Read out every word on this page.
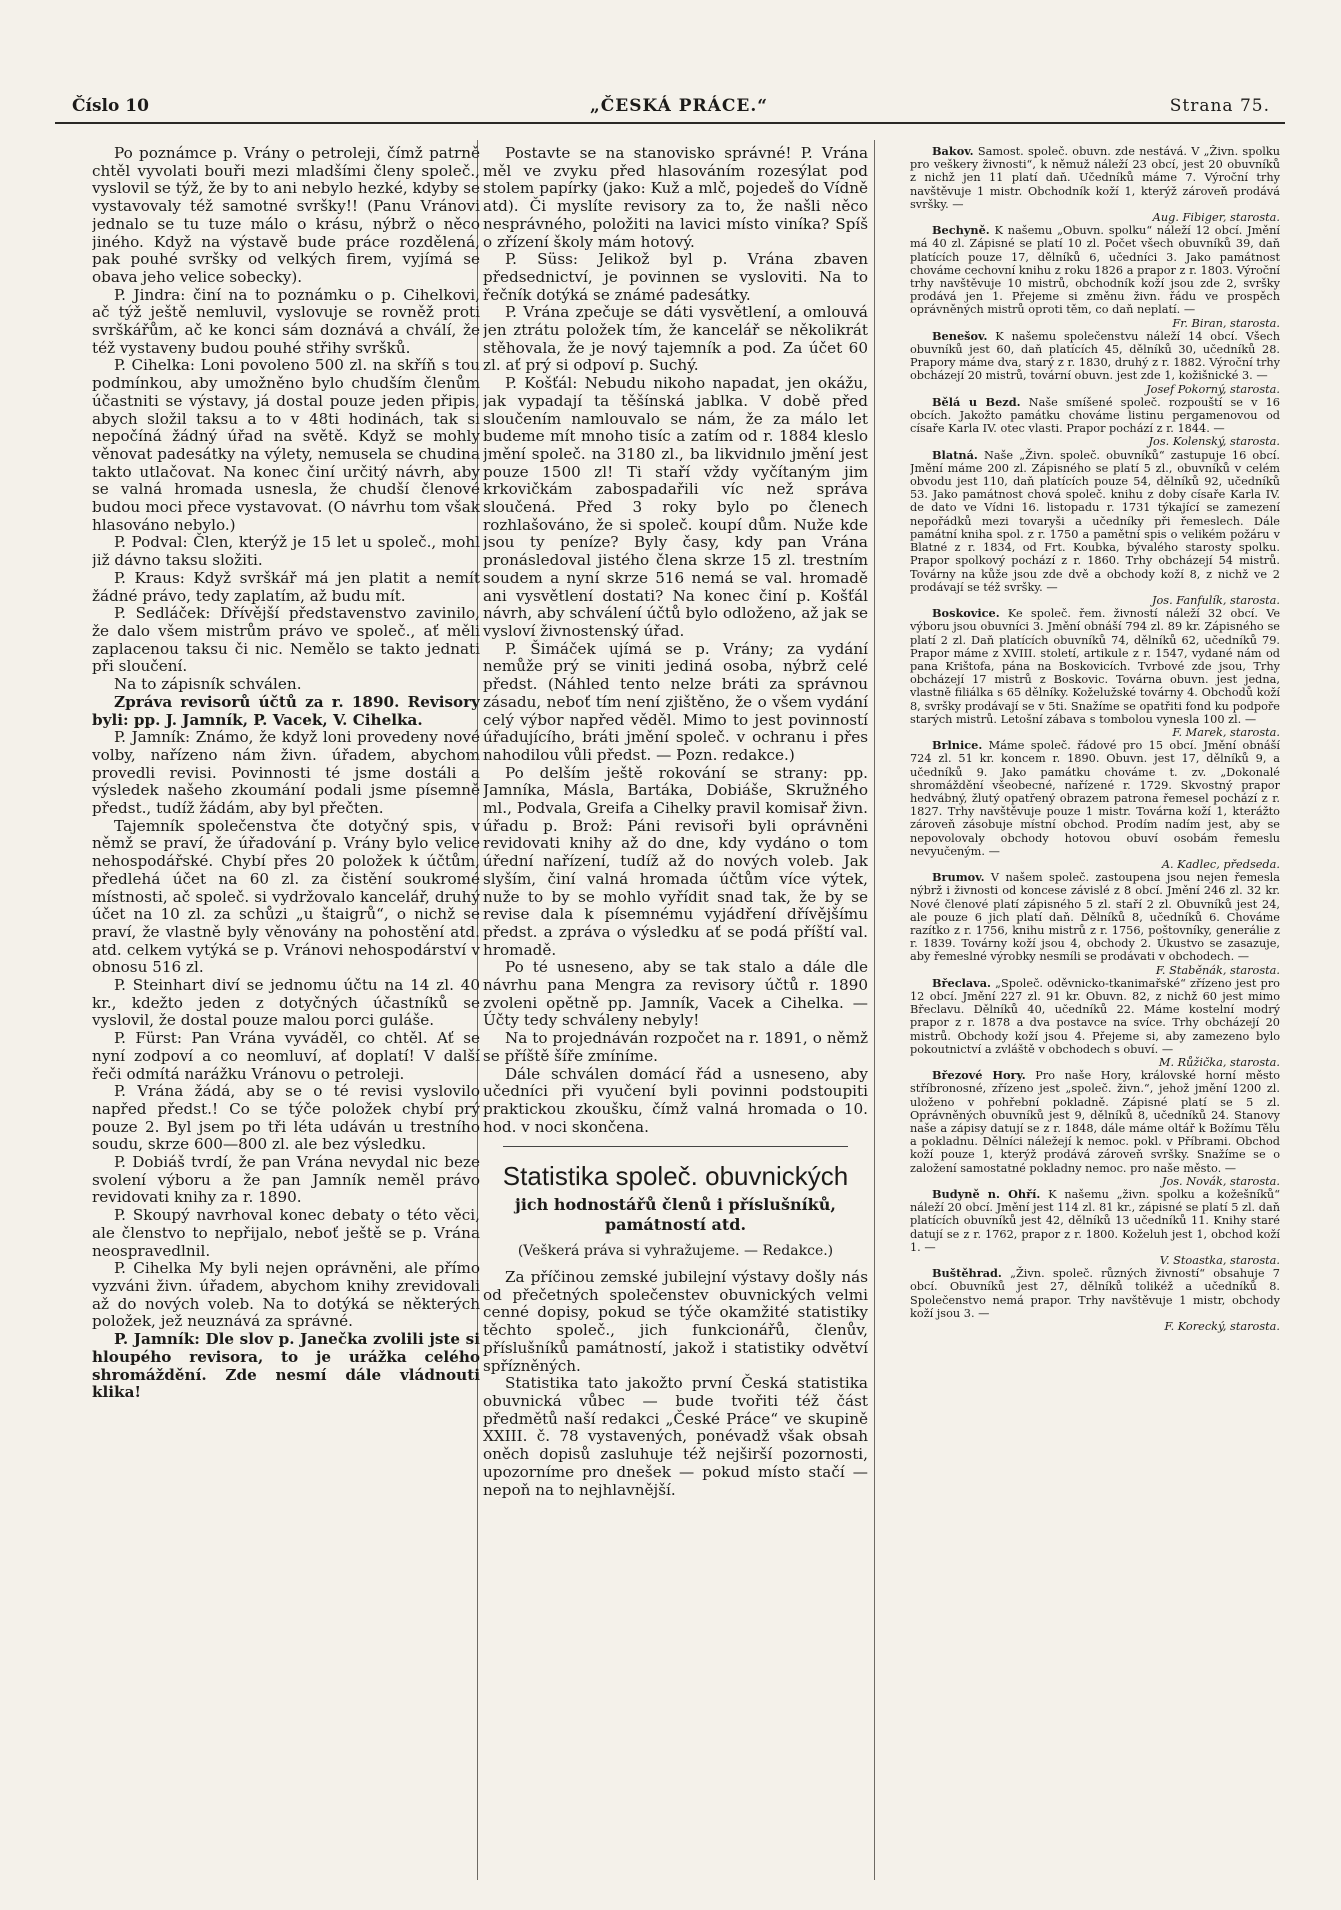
Číslo 10	„ČESKÁ PRÁCE.“	Strana 75.

Po poznámce p. Vrány o petroleji, čímž patrně chtěl vyvolati bouři mezi mladšími členy společ., vyslovil se týž, že by to ani nebylo hezké, kdyby se vystavovaly též samotné svršky!! (Panu Vránovi jednalo se tu tuze málo o krásu, nýbrž o něco jiného. Když na výstavě bude práce rozdělená, pak pouhé svršky od velkých firem, vyjímá se obava jeho velice sobecky).

P. Jindra: činí na to poznámku o p. Cihelkovi, ač týž ještě nemluvil, vyslovuje se rovněž proti svrškářům, ač ke konci sám doznává a chválí, že též vystaveny budou pouhé střihy svršků.

P. Cihelka: Loni povoleno 500 zl. na skříň s tou podmínkou, aby umožněno bylo chudším členům účastniti se výstavy, já dostal pouze jeden připis, abych složil taksu a to v 48ti hodinách, tak si nepočíná žádný úřad na světě. Když se mohly věnovat padesátky na výlety, nemusela se chudina takto utlačovat. Na konec činí určitý návrh, aby se valná hromada usnesla, že chudší členové budou moci přece vystavovat. (O návrhu tom však hlasováno nebylo.)

P. Podval: Člen, kterýž je 15 let u společ., mohl již dávno taksu složiti.

P. Kraus: Když svrškář má jen platit a nemít žádné právo, tedy zaplatím, až budu mít.

P. Sedláček: Dřívější představenstvo zavinilo, že dalo všem mistrům právo ve společ., ať měli zaplacenou taksu či nic. Nemělo se takto jednati při sloučení.

Na to zápisník schválen.

Zpráva revisorů účtů za r. 1890. Revisory byli: pp. J. Jamník, P. Vacek, V. Cihelka.

P. Jamník: Známo, že když loni provedeny nové volby, nařízeno nám živn. úřadem, abychom provedli revisi. Povinnosti té jsme dostáli a výsledek našeho zkoumání podali jsme písemně předst., tudíž žádám, aby byl přečten.

Tajemník společenstva čte dotyčný spis, v němž se praví, že úřadování p. Vrány bylo velice nehospodářské. Chybí přes 20 položek k účtům, předlehá účet na 60 zl. za čistění soukromé místnosti, ač společ. si vydržovalo kancelář, druhý účet na 10 zl. za schůzi „u štaigrů“, o nichž se praví, že vlastně byly věnovány na pohostění atd. atd. celkem vytýká se p. Vránovi nehospodárství v obnosu 516 zl.

P. Steinhart diví se jednomu účtu na 14 zl. 40 kr., kdežto jeden z dotyčných účastníků se vyslovil, že dostal pouze malou porci guláše.

P. Fürst: Pan Vrána vyváděl, co chtěl. Ať se nyní zodpoví a co neomluví, ať doplatí! V další řeči odmítá narážku Vránovu o petroleji.

P. Vrána žádá, aby se o té revisi vyslovilo napřed předst.! Co se týče položek chybí prý pouze 2. Byl jsem po tři léta udáván u trestního soudu, skrze 600—800 zl. ale bez výsledku.

P. Dobiáš tvrdí, že pan Vrána nevydal nic beze svolení výboru a že pan Jamník neměl právo revidovati knihy za r. 1890.

P. Skoupý navrhoval konec debaty o této věci, ale členstvo to nepřijalo, neboť ještě se p. Vrána neospravedlnil.

P. Cihelka My byli nejen oprávněni, ale přímo vyzváni živn. úřadem, abychom knihy zrevidovali až do nových voleb. Na to dotýká se některých položek, jež neuznává za správné.

P. Jamník: Dle slov p. Janečka zvolili jste si hloupého revisora, to je urážka celého shromáždění. Zde nesmí dále vládnouti klika!

Postavte se na stanovisko správné! P. Vrána měl ve zvyku před hlasováním rozesýlat pod stolem papírky (jako: Kuž a mlč, pojedeš do Vídně atd). Či myslíte revisory za to, že našli něco nesprávného, položiti na lavici místo viníka? Spíš o zřízení školy mám hotový.

P. Süss: Jelikož byl p. Vrána zbaven předsednictví, je povinnen se vysloviti. Na to řečník dotýká se známé padesátky.

P. Vrána zpečuje se dáti vysvětlení, a omlouvá jen ztrátu položek tím, že kancelář se několikrát stěhovala, že je nový tajemník a pod. Za účet 60 zl. ať prý si odpoví p. Suchý.

P. Košťál: Nebudu nikoho napadat, jen okážu, jak vypadají ta těšínská jablka. V době před sloučením namlouvalo se nám, že za málo let budeme mít mnoho tisíc a zatím od r. 1884 kleslo jmění společ. na 3180 zl., ba likvidnılo jmění jest pouze 1500 zl! Ti staří vždy vyčítaným jim krkovičkám zabospadařili víc než správa sloučená. Před 3 roky bylo po členech rozhlašováno, že si společ. koupí dům. Nuže kde jsou ty peníze? Byly časy, kdy pan Vrána pronásledoval jistého člena skrze 15 zl. trestním soudem a nyní skrze 516 nemá se val. hromadě ani vysvětlení dostati? Na konec činí p. Košťál návrh, aby schválení účtů bylo odloženo, až jak se vysloví živnostenský úřad.

P. Šimáček ujímá se p. Vrány; za vydání nemůže prý se viniti jediná osoba, nýbrž celé předst. (Náhled tento nelze bráti za správnou zásadu, neboť tím není zjištěno, že o všem vydání celý výbor napřed věděl. Mimo to jest povinností úřadujícího, bráti jmění společ. v ochranu i přes nahodilou vůli předst. — Pozn. redakce.)

Po delším ještě rokování se strany: pp. Jamníka, Másla, Bartáka, Dobiáše, Skružného ml., Podvala, Greifa a Cihelky pravil komisař živn. úřadu p. Brož: Páni revisoři byli oprávněni revidovati knihy až do dne, kdy vydáno o tom úřední nařízení, tudíž až do nových voleb. Jak slyším, činí valná hromada účtům více výtek, nuže to by se mohlo vyřídit snad tak, že by se revise dala k písemnému vyjádření dřívějšímu předst. a zpráva o výsledku ať se podá příští val. hromadě.

Po té usneseno, aby se tak stalo a dále dle návrhu pana Mengra za revisory účtů r. 1890 zvoleni opětně pp. Jamník, Vacek a Cihelka. — Účty tedy schváleny nebyly!

Na to projednáván rozpočet na r. 1891, o němž se příště šíře zmíníme.

Dále schválen domácí řád a usneseno, aby učedníci při vyučení byli povinni podstoupiti praktickou zkoušku, čímž valná hromada o 10. hod. v noci skončena.

Statistika společ. obuvnických
jich hodnostářů členů i příslušníků, památností atd.
(Veškerá práva si vyhražujeme. — Redakce.)

Za příčinou zemské jubilejní výstavy došly nás od přečetných společenstev obuvnických velmi cenné dopisy, pokud se týče okamžité statistiky těchto společ., jich funkcionářů, členův, příslušníků památností, jakož i statistiky odvětví spřízněných.

Statistika tato jakožto první Česká statistika obuvnická vůbec — bude tvořiti též část předmětů naší redakci „České Práce“ ve skupině XXIII. č. 78 vystavených, ponévadž však obsah oněch dopisů zasluhuje též nejširší pozornosti, upozorníme pro dnešek — pokud místo stačí — nepoň na to nejhlavnější.

Bakov. Samost. společ. obuvn. zde nestává. V „Živn. spolku pro veškery živnosti“, k němuž náleží 23 obcí, jest 20 obuvníků z nichž jen 11 platí daň. Učedníků máme 7. Výroční trhy navštěvuje 1 mistr. Obchodník koží 1, kterýž zároveň prodává svršky. —

Aug. Fibiger, starosta.

Bechyně. K našemu „Obuvn. spolku“ náleží 12 obcí. Jmění má 40 zl. Zápisné se platí 10 zl. Počet všech obuvníků 39, daň platících pouze 17, dělníků 6, učedníci 3. Jako památnost chováme cechovní knihu z roku 1826 a prapor z r. 1803. Výroční trhy navštěvuje 10 mistrů, obchodník koží jsou zde 2, svršky prodává jen 1. Přejeme si změnu živn. řádu ve prospěch oprávněných mistrů oproti těm, co daň neplatí. —

Fr. Biran, starosta.

Benešov. K našemu společenstvu náleží 14 obcí. Všech obuvníků jest 60, daň platících 45, dělníků 30, učedníků 28. Prapory máme dva, starý z r. 1830, druhý z r. 1882. Výroční trhy obcházejí 20 mistrů, tovární obuvn. jest zde 1, kožišnické 3. —

Josef Pokorný, starosta.

Bělá u Bezd. Naše smíšené společ. rozpouští se v 16 obcích. Jakožto památku chováme listinu pergamenovou od císaře Karla IV. otec vlasti. Prapor pochází z r. 1844. —

Jos. Kolenský, starosta.

Blatná. Naše „Živn. společ. obuvníků“ zastupuje 16 obcí. Jmění máme 200 zl. Zápisného se platí 5 zl., obuvníků v celém obvodu jest 110, daň platících pouze 54, dělníků 92, učedníků 53. Jako památnost chová společ. knihu z doby císaře Karla IV. de dato ve Vídni 16. listopadu r. 1731 týkající se zamezení nepořádků mezi tovaryši a učedníky při řemeslech. Dále památní kniha spol. z r. 1750 a pamětní spis o velikém požáru v Blatné z r. 1834, od Frt. Koubka, bývalého starosty spolku. Prapor spolkový pochází z r. 1860. Trhy obcházejí 54 mistrů. Továrny na kůže jsou zde dvě a obchody koží 8, z nichž ve 2 prodávají se též svršky. —

Jos. Fanfulík, starosta.

Boskovice. Ke společ. řem. živností náleží 32 obcí. Ve výboru jsou obuvníci 3. Jmění obnáší 794 zl. 89 kr. Zápisného se platí 2 zl. Daň platících obuvníků 74, dělníků 62, učedníků 79. Prapor máme z XVIII. století, artikule z r. 1547, vydané nám od pana Krištofa, pána na Boskovicích. Tvrbové zde jsou, Trhy obcházejí 17 mistrů z Boskovic. Továrna obuvn. jest jedna, vlastně filiálka s 65 dělníky. Koželužské továrny 4. Obchodů koží 8, svršky prodávají se v 5ti. Snažíme se opatřiti fond ku podpoře starých mistrů. Letošní zábava s tombolou vynesla 100 zl. —

F. Marek, starosta.

Brlnice. Máme společ. řádové pro 15 obcí. Jmění obnáší 724 zl. 51 kr. koncem r. 1890. Obuvn. jest 17, dělníků 9, a učedníků 9. Jako památku chováme t. zv. „Dokonalé shromáždění všeobecné, nařízené r. 1729. Skvostný prapor hedvábný, žlutý opatřený obrazem patrona řemesel pochází z r. 1827. Trhy navštěvuje pouze 1 mistr. Továrna koží 1, kterážto zároveň zásobuje místní obchod. Prodím nadím jest, aby se nepovolovaly obchody hotovou obuví osobám řemeslu nevyučeným. —

A. Kadlec, předseda.

Brumov. V našem společ. zastoupena jsou nejen řemesla nýbrž i živnosti od koncese závislé z 8 obcí. Jmění 246 zl. 32 kr. Nové členové platí zápisného 5 zl. staří 2 zl. Obuvníků jest 24, ale pouze 6 jich platí daň. Dělníků 8, učedníků 6. Chováme razítko z r. 1756, knihu mistrů z r. 1756, poštovníky, generálie z r. 1839. Továrny koží jsou 4, obchody 2. Úkustvo se zasazuje, aby řemeslné výrobky nesmíli se prodávati v obchodech. —

F. Staběnák, starosta.

Břeclava. „Společ. oděvnicko-tkanimařské“ zřízeno jest pro 12 obcí. Jmění 227 zl. 91 kr. Obuvn. 82, z nichž 60 jest mimo Břeclavu. Dělníků 40, učedníků 22. Máme kostelní modrý prapor z r. 1878 a dva postavce na svíce. Trhy obcházejí 20 mistrů. Obchody koží jsou 4. Přejeme si, aby zamezeno bylo pokoutnictví a zvláště v obchodech s obuví. —

M. Růžička, starosta.

Březové Hory. Pro naše Hory, královské horní město stříbronosné, zřízeno jest „společ. živn.“, jehož jmění 1200 zl. uloženo v pohřební pokladně. Zápisné platí se 5 zl. Oprávněných obuvníků jest 9, dělníků 8, učedníků 24. Stanovy naše a zápisy datují se z r. 1848, dále máme oltář k Božímu Tělu a pokladnu. Dělníci náležejí k nemoc. pokl. v Příbrami. Obchod koží pouze 1, kterýž prodává zároveň svršky. Snažíme se o založení samostatné pokladny nemoc. pro naše město. —

Jos. Novák, starosta.

Budyně n. Ohří. K našemu „živn. spolku a kožešníků“ náleží 20 obcí. Jmění jest 114 zl. 81 kr., zápisné se platí 5 zl. daň platících obuvníků jest 42, dělníků 13 učedníků 11. Knihy staré datují se z r. 1762, prapor z r. 1800. Koželuh jest 1, obchod koží 1. —

V. Stoastka, starosta.

Buštěhrad. „Živn. společ. různých živností“ obsahuje 7 obcí. Obuvníků jest 27, dělníků tolikéž a učedníků 8. Společenstvo nemá prapor. Trhy navštěvuje 1 mistr, obchody koží jsou 3. —

F. Korecký, starosta.
